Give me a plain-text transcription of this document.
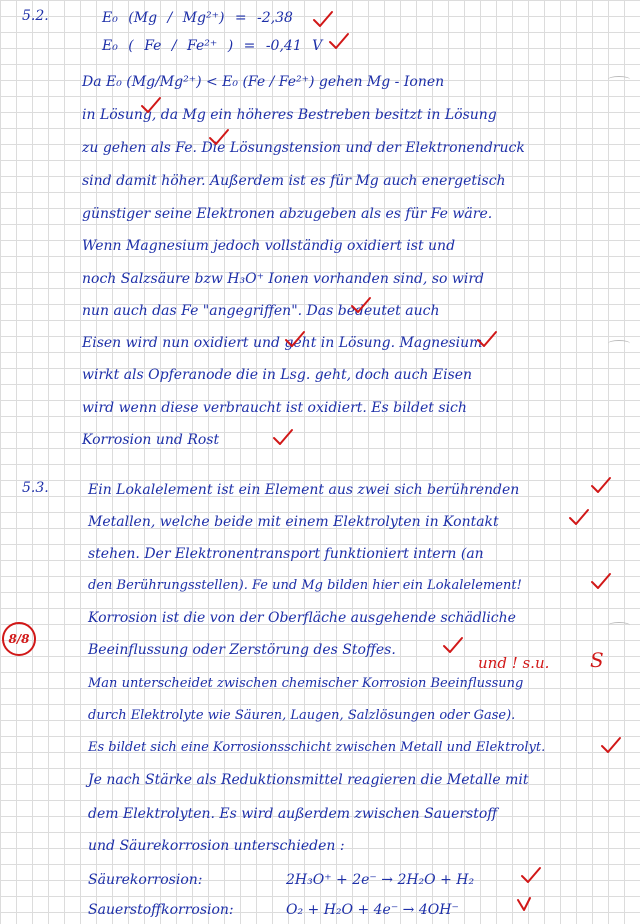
5.2.	E₀ (Mg / Mg²⁺) = -2,38
E₀ ( Fe / Fe²⁺ ) = -0,41 V
Da E₀ (Mg/Mg²⁺) < E₀ (Fe / Fe²⁺) gehen Mg - Ionen
in Lösung, da Mg ein höheres Bestreben besitzt in Lösung
zu gehen als Fe. Die Lösungstension und der Elektronendruck
sind damit höher. Außerdem ist es für Mg auch energetisch
günstiger seine Elektronen abzugeben als es für Fe wäre.
Wenn Magnesium jedoch vollständig oxidiert ist und
noch Salzsäure bzw H₃O⁺ Ionen vorhanden sind, so wird
nun auch das Fe "angegriffen". Das bedeutet auch
Eisen wird nun oxidiert und geht in Lösung. Magnesium
wirkt als Opferanode die in Lsg. geht, doch auch Eisen
wird wenn diese verbraucht ist oxidiert. Es bildet sich
Korrosion und Rost
5.3.	Ein Lokalelement ist ein Element aus zwei sich berührenden
Metallen, welche beide mit einem Elektrolyten in Kontakt
stehen. Der Elektronentransport funktioniert intern (an
den Berührungsstellen). Fe und Mg bilden hier ein Lokalelement!
Korrosion ist die von der Oberfläche ausgehende schädliche
Beeinflussung oder Zerstörung des Stoffes.
Man unterscheidet zwischen chemischer Korrosion Beeinflussung
durch Elektrolyte wie Säuren, Laugen, Salzlösungen oder Gase).
Es bildet sich eine Korrosionsschicht zwischen Metall und Elektrolyt.
Je nach Stärke als Reduktionsmittel reagieren die Metalle mit
dem Elektrolyten. Es wird außerdem zwischen Sauerstoff
und Säurekorrosion unterschieden :
Säurekorrosion:	2H₃O⁺ + 2e⁻ → 2H₂O + H₂
Sauerstoffkorrosion:	O₂ + H₂O + 4e⁻ → 4OH⁻
8/8
und ! s.u. S
